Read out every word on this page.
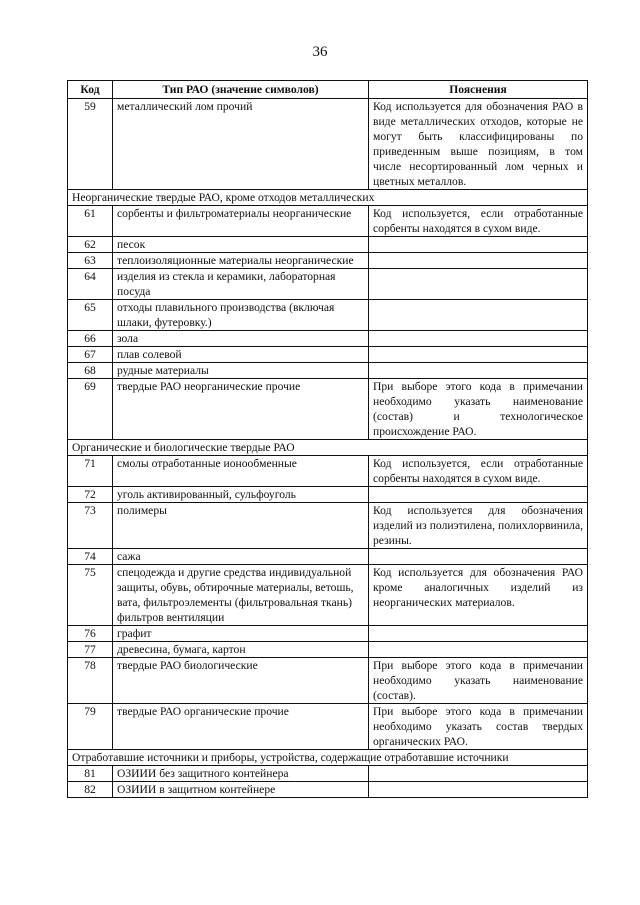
36
Код	Тип РАО (значение символов)	Пояснения
59	металлический лом прочий	Код используется для обозначения РАО в виде металлических отходов, которые не могут быть классифицированы по приведенным выше позициям, в том числе несортированный лом черных и цветных металлов.
Неорганические твердые РАО, кроме отходов металлических		
61	сорбенты и фильтроматериалы неорганические	Код используется, если отработанные сорбенты находятся в сухом виде.
62	песок	
63	теплоизоляционные материалы неорганические	
64	изделия из стекла и керамики, лабораторная посуда	
65	отходы плавильного производства (включая шлаки, футеровку.)	
66	зола	
67	плав солевой	
68	рудные материалы	
69	твердые РАО неорганические прочие	При выборе этого кода в примечании необходимо указать наименование (состав) и технологическое происхождение РАО.
Органические и биологические твердые РАО		
71	смолы отработанные ионообменные	Код используется, если отработанные сорбенты находятся в сухом виде.
72	уголь активированный, сульфоуголь	
73	полимеры	Код используется для обозначения изделий из полиэтилена, полихлорвинила, резины.
74	сажа	
75	спецодежда и другие средства индивидуальной защиты, обувь, обтирочные материалы, ветошь, вата, фильтроэлементы (фильтровальная ткань) фильтров вентиляции	Код используется для обозначения РАО кроме аналогичных изделий из неорганических материалов.
76	графит	
77	древесина, бумага, картон	
78	твердые РАО биологические	При выборе этого кода в примечании необходимо указать наименование (состав).
79	твердые РАО органические прочие	При выборе этого кода в примечании необходимо указать состав твердых органических РАО.
Отработавшие источники и приборы, устройства, содержащие отработавшие источники		
81	ОЗИИИ без защитного контейнера	
82	ОЗИИИ в защитном контейнере	
